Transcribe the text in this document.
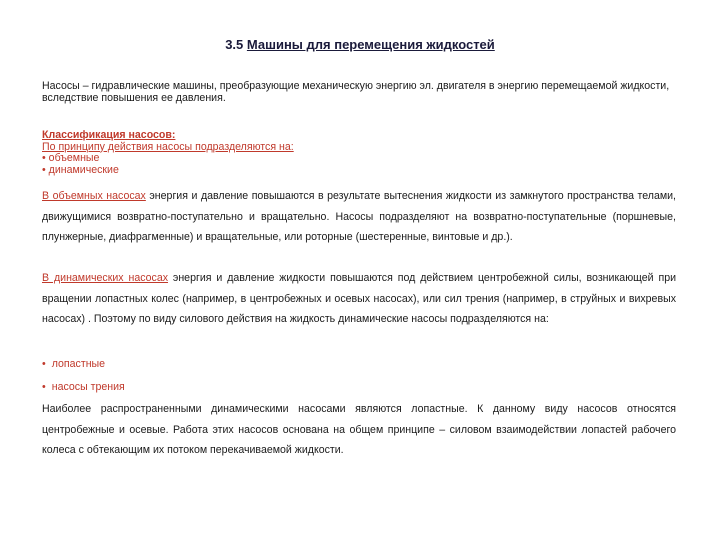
3.5 Машины для перемещения жидкостей
Насосы – гидравлические машины, преобразующие механическую энергию эл. двигателя в энергию перемещаемой жидкости, вследствие повышения ее давления.
Классификация насосов:
По принципу действия насосы подразделяются на:
• объемные
• динамические
В объемных насосах энергия и давление повышаются в результате вытеснения жидкости из замкнутого пространства телами, движущимися возвратно-поступательно и вращательно. Насосы подразделяют на возвратно-поступательные (поршневые, плунжерные, диафрагменные) и вращательные, или роторные (шестеренные, винтовые и др.).
В динамических насосах энергия и давление жидкости повышаются под действием центробежной силы, возникающей при вращении лопастных колес (например, в центробежных и осевых насосах), или сил трения (например, в струйных и вихревых насосах) . Поэтому по виду силового действия на жидкость динамические насосы подразделяются на:
• лопастные
• насосы трения
Наиболее распространенными динамическими насосами являются лопастные. К данному виду насосов относятся центробежные и осевые. Работа этих насосов основана на общем принципе – силовом взаимодействии лопастей рабочего колеса с обтекающим их потоком перекачиваемой жидкости.
